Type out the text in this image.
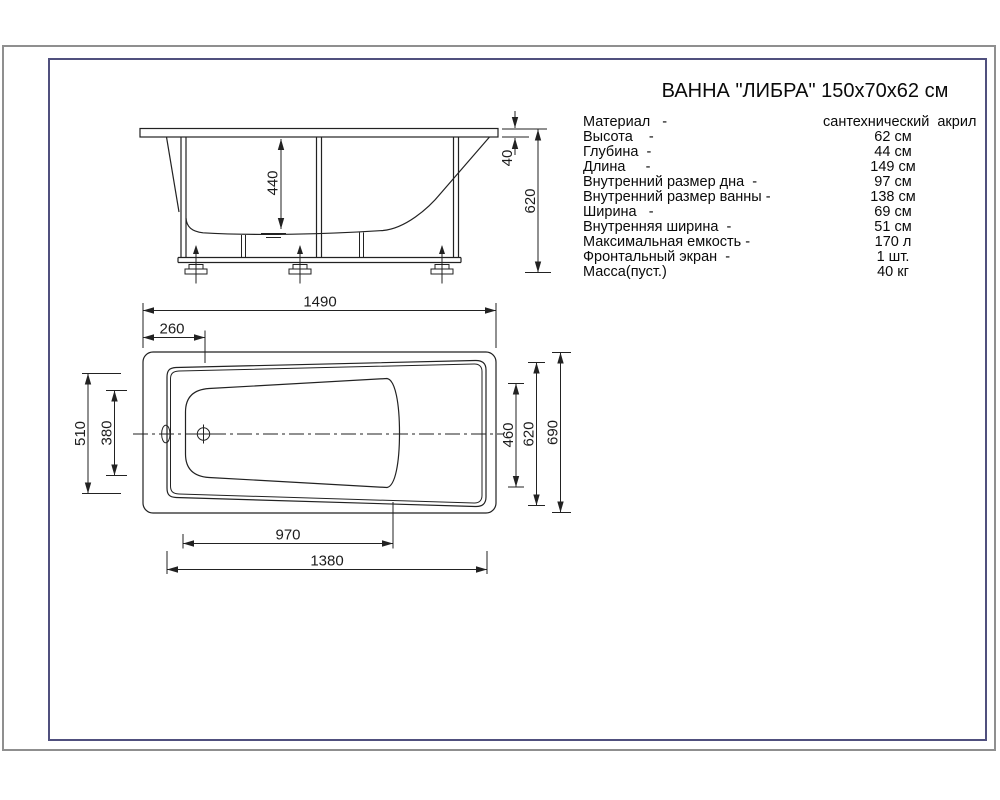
ВАННА "ЛИБРА" 150х70х62 см
Материал   -	сантехнический  акрил
Высота    -	62 см
Глубина  -	44 см
Длина     -	149 см
Внутренний размер дна  -	97 см
Внутренний размер ванны -	138 см
Ширина   -	69 см
Внутренняя ширина  -	51 см
Максимальная емкость -	170 л
Фронтальный экран  -	1 шт.
Масса(пуст.)	40 кг
440
40
620
1490
260
970
1380
510 380	460 620 690
